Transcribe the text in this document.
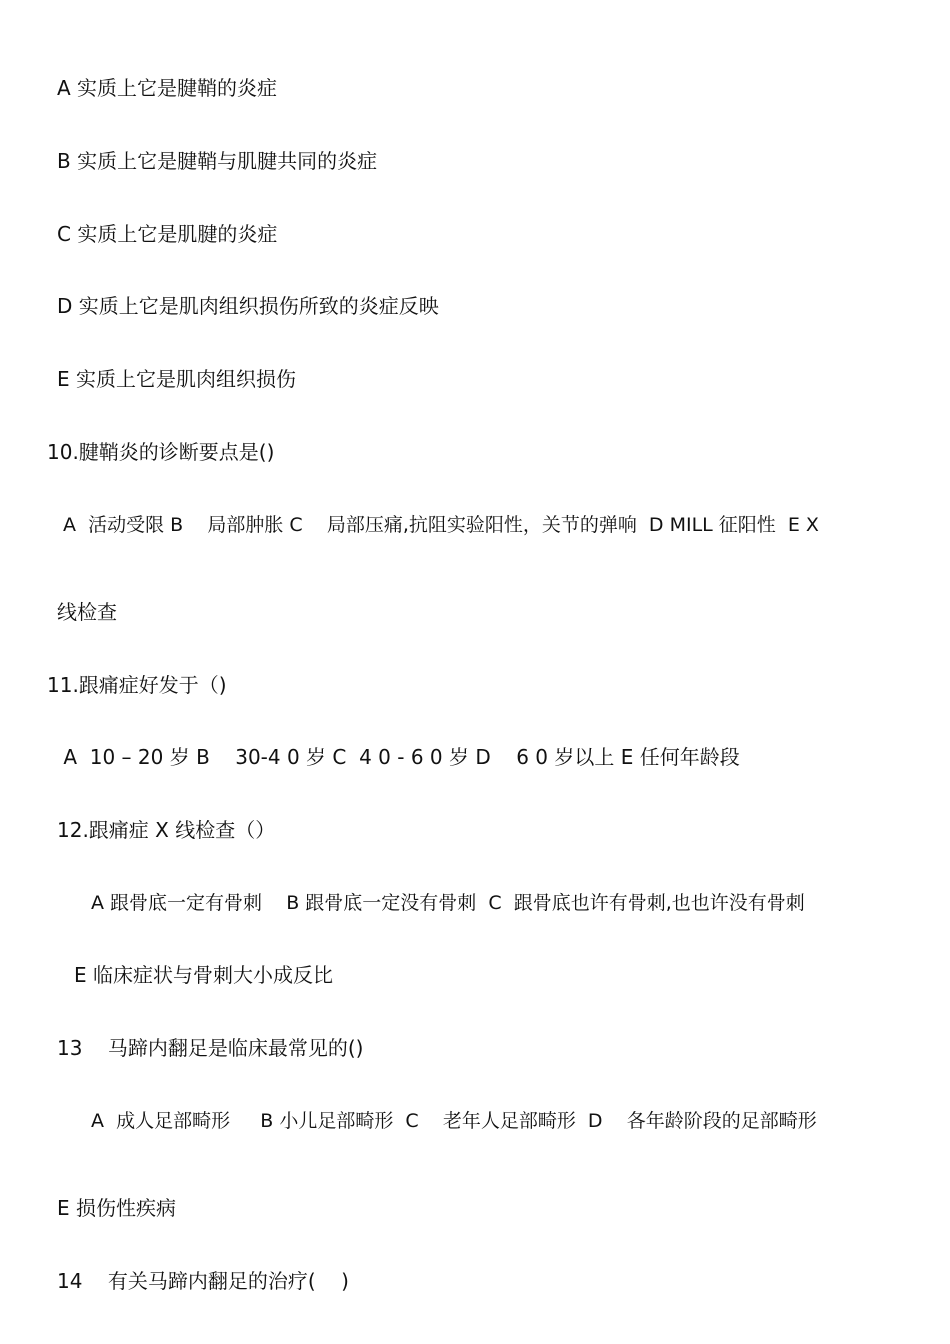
A 实质上它是腱鞘的炎症
B 实质上它是腱鞘与肌腱共同的炎症
C 实质上它是肌腱的炎症
D 实质上它是肌肉组织损伤所致的炎症反映
E 实质上它是肌肉组织损伤
10.腱鞘炎的诊断要点是()
A  活动受限 B    局部肿胀 C    局部压痛,抗阻实验阳性，关节的弹响  D MILL 征阳性  E X
线检查
11.跟痛症好发于（)
A  10 – 20 岁 B    30-4 0 岁 C  4 0 - 6 0 岁 D    6 0 岁以上 E 任何年龄段
12.跟痛症 X 线检查（）
A 跟骨底一定有骨刺    B 跟骨底一定没有骨刺  C  跟骨底也许有骨刺,也也许没有骨刺
E 临床症状与骨刺大小成反比
13    马蹄内翻足是临床最常见的()
A  成人足部畸形     B 小儿足部畸形  C    老年人足部畸形  D    各年龄阶段的足部畸形
E 损伤性疾病
14    有关马蹄内翻足的治疗(    )
